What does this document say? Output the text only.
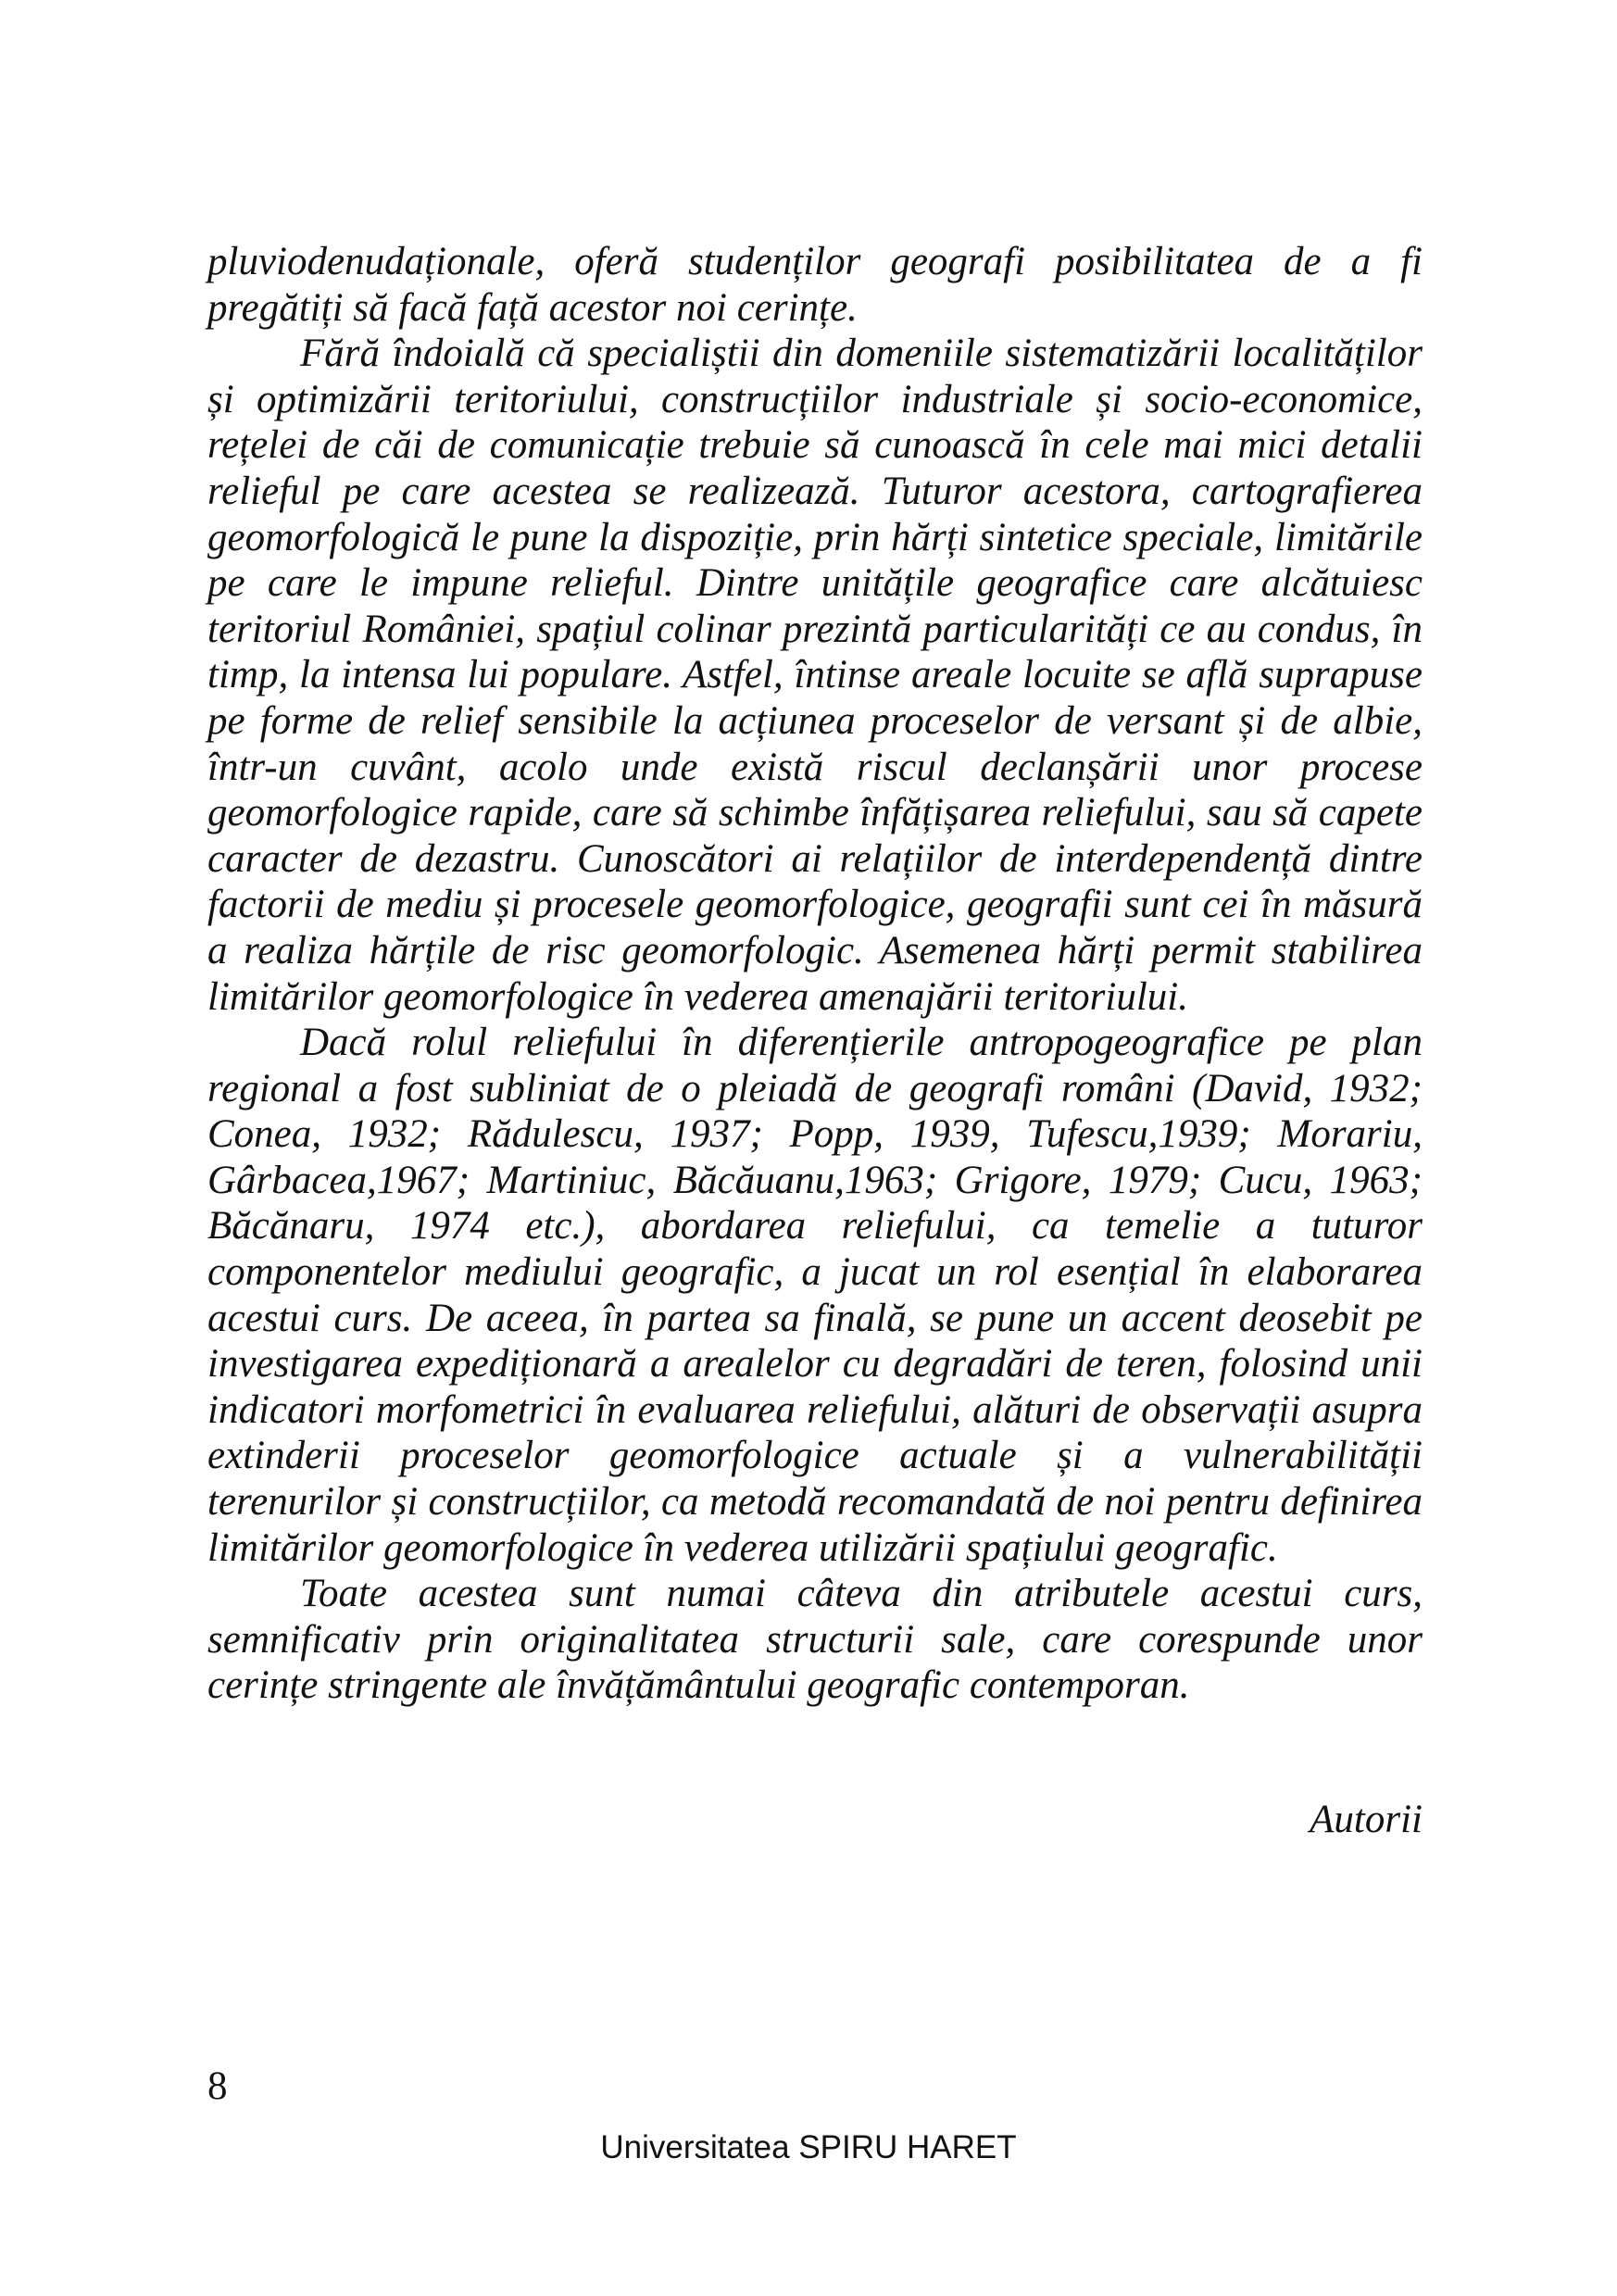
pluviodenudaționale, oferă studenților geografi posibilitatea de a fi pregătiți să facă față acestor noi cerințe.

Fără îndoială că specialiștii din domeniile sistematizării localităților și optimizării teritoriului, construcțiilor industriale și socio-economice, rețelei de căi de comunicație trebuie să cunoască în cele mai mici detalii relieful pe care acestea se realizează. Tuturor acestora, cartografierea geomorfologică le pune la dispoziție, prin hărți sintetice speciale, limitările pe care le impune relieful. Dintre unitățile geografice care alcătuiesc teritoriul României, spațiul colinar prezintă particularități ce au condus, în timp, la intensa lui populare. Astfel, întinse areale locuite se află suprapuse pe forme de relief sensibile la acțiunea proceselor de versant și de albie, într-un cuvânt, acolo unde există riscul declanșării unor procese geomorfologice rapide, care să schimbe înfățișarea reliefului, sau să capete caracter de dezastru. Cunoscători ai relațiilor de interdependență dintre factorii de mediu și procesele geomorfologice, geografii sunt cei în măsură a realiza hărțile de risc geomorfologic. Asemenea hărți permit stabilirea limitărilor geomorfologice în vederea amenajării teritoriului.

Dacă rolul reliefului în diferențierile antropogeografice pe plan regional a fost subliniat de o pleiadă de geografi români (David, 1932; Conea, 1932; Rădulescu, 1937; Popp, 1939, Tufescu,1939; Morariu, Gârbacea,1967; Martiniuc, Băcăuanu,1963; Grigore, 1979; Cucu, 1963; Băcănaru, 1974 etc.), abordarea reliefului, ca temelie a tuturor componentelor mediului geografic, a jucat un rol esențial în elaborarea acestui curs. De aceea, în partea sa finală, se pune un accent deosebit pe investigarea expediționară a arealelor cu degradări de teren, folosind unii indicatori morfometrici în evaluarea reliefului, alături de observații asupra extinderii proceselor geomorfologice actuale și a vulnerabilității terenurilor și construcțiilor, ca metodă recomandată de noi pentru definirea limitărilor geomorfologice în vederea utilizării spațiului geografic.

Toate acestea sunt numai câteva din atributele acestui curs, semnificativ prin originalitatea structurii sale, care corespunde unor cerințe stringente ale învățământului geografic contemporan.

Autorii
8
Universitatea SPIRU HARET
